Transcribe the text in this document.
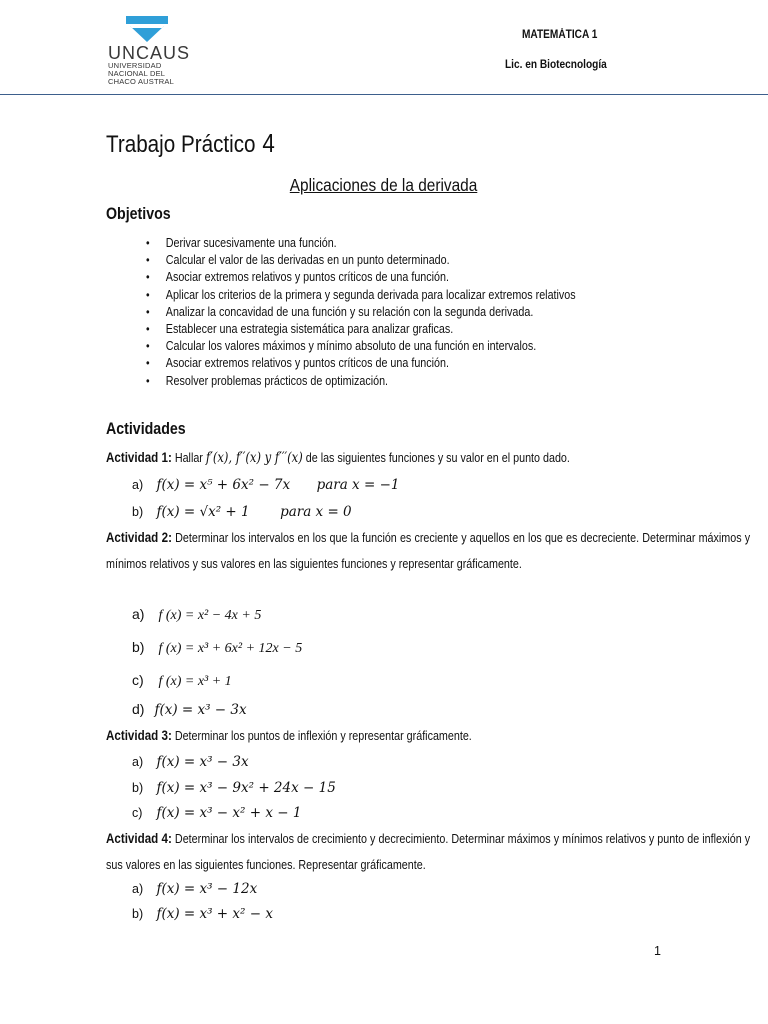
UNCAUS
UNIVERSIDAD
NACIONAL DEL
CHACO AUSTRAL
MATEMÁTICA 1
Lic. en Biotecnología
Trabajo Práctico 4
Aplicaciones de la derivada
Objetivos
• Derivar sucesivamente una función.
• Calcular el valor de las derivadas en un punto determinado.
• Asociar extremos relativos y puntos críticos de una función.
• Aplicar los criterios de la primera y segunda derivada para localizar extremos relativos
• Analizar la concavidad de una función y su relación con la segunda derivada.
• Establecer una estrategia sistemática para analizar graficas.
• Calcular los valores máximos y mínimo absoluto de una función en intervalos.
• Asociar extremos relativos y puntos críticos de una función.
• Resolver problemas prácticos de optimización.
Actividades
Actividad 1: Hallar f′(x), f′′(x) y f′′′(x) de las siguientes funciones y su valor en el punto dado.
a) f(x) = x⁵ + 6x² − 7x para x = −1
b) f(x) = √x² + 1 para x = 0
Actividad 2: Determinar los intervalos en los que la función es creciente y aquellos en los que es decreciente. Determinar máximos y mínimos relativos y sus valores en las siguientes funciones y representar gráficamente.
a) f (x) = x² − 4x + 5
b) f (x) = x³ + 6x² + 12x − 5
c) f (x) = x³ + 1
d) f(x) = x³ − 3x
Actividad 3: Determinar los puntos de inflexión y representar gráficamente.
a) f(x) = x³ − 3x
b) f(x) = x³ − 9x² + 24x − 15
c) f(x) = x³ − x² + x − 1
Actividad 4: Determinar los intervalos de crecimiento y decrecimiento. Determinar máximos y mínimos relativos y punto de inflexión y sus valores en las siguientes funciones. Representar gráficamente.
a) f(x) = x³ − 12x
b) f(x) = x³ + x² − x
1
